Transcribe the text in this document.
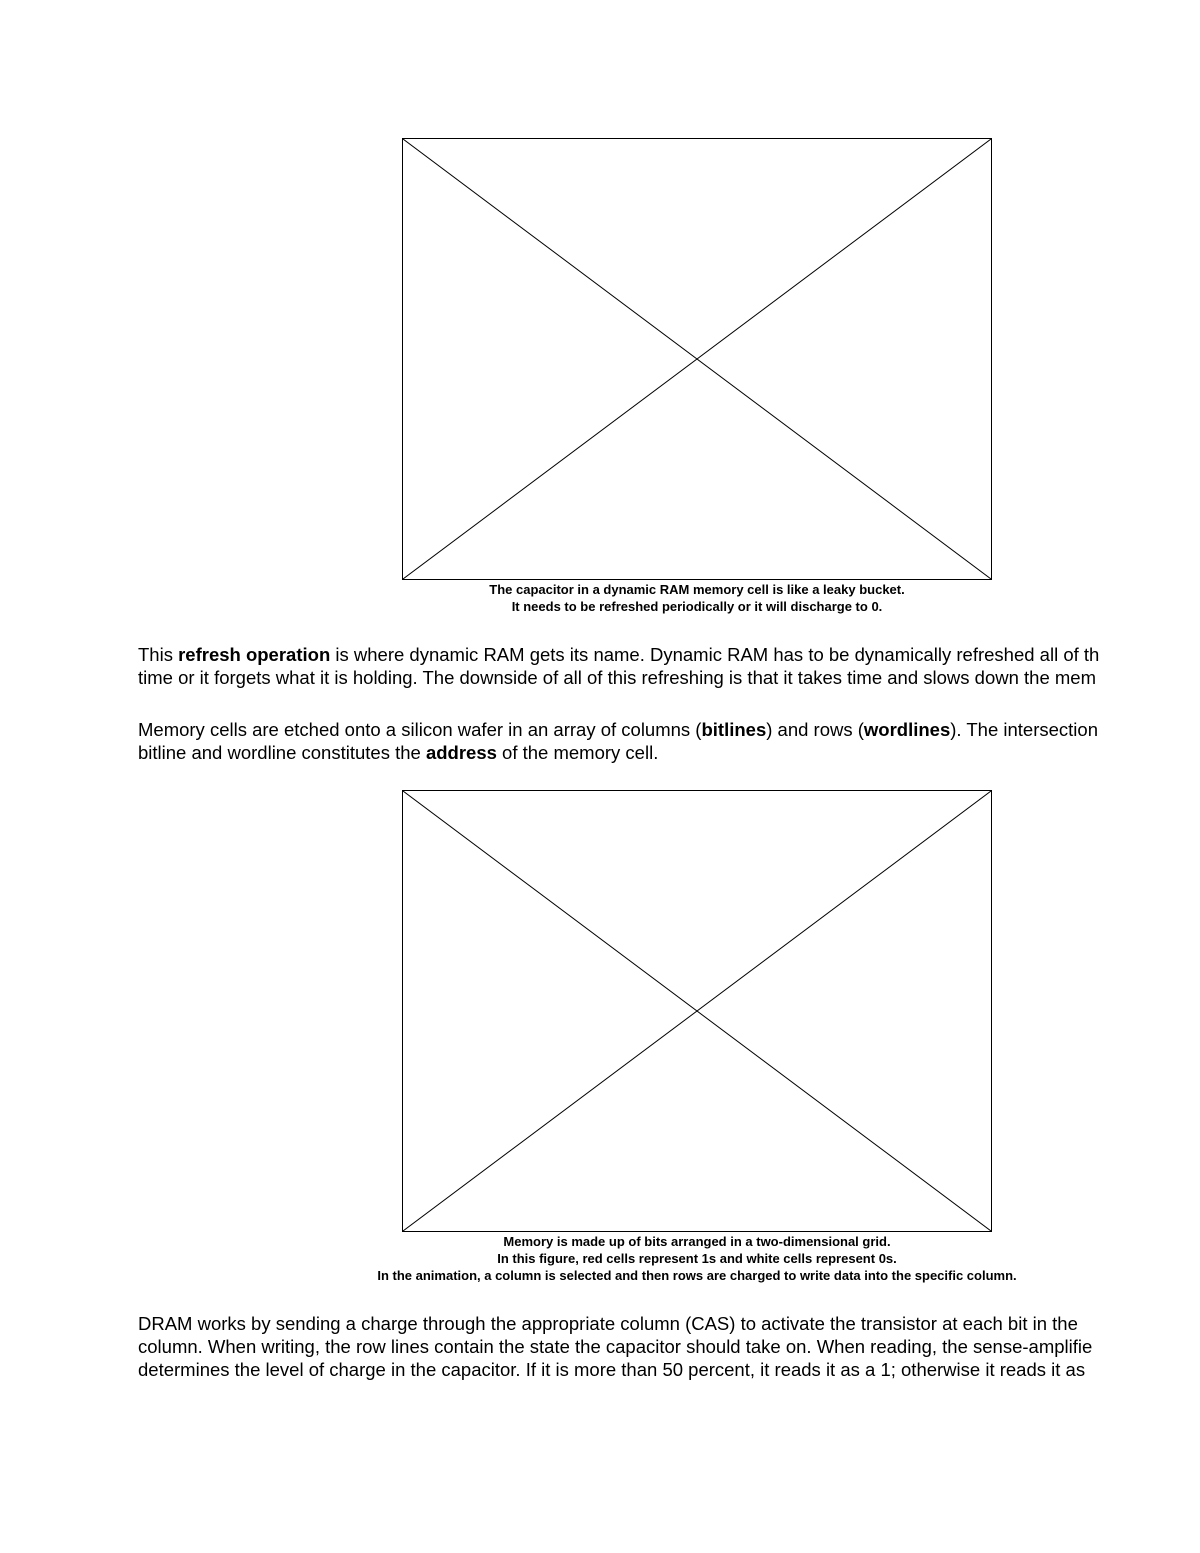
The capacitor in a dynamic RAM memory cell is like a leaky bucket.
It needs to be refreshed periodically or it will discharge to 0.
This refresh operation is where dynamic RAM gets its name. Dynamic RAM has to be dynamically refreshed all of th
time or it forgets what it is holding. The downside of all of this refreshing is that it takes time and slows down the mem
Memory cells are etched onto a silicon wafer in an array of columns (bitlines) and rows (wordlines). The intersection
bitline and wordline constitutes the address of the memory cell.
Memory is made up of bits arranged in a two-dimensional grid.
In this figure, red cells represent 1s and white cells represent 0s.
In the animation, a column is selected and then rows are charged to write data into the specific column.
DRAM works by sending a charge through the appropriate column (CAS) to activate the transistor at each bit in the
column. When writing, the row lines contain the state the capacitor should take on. When reading, the sense-amplifie
determines the level of charge in the capacitor. If it is more than 50 percent, it reads it as a 1; otherwise it reads it as
